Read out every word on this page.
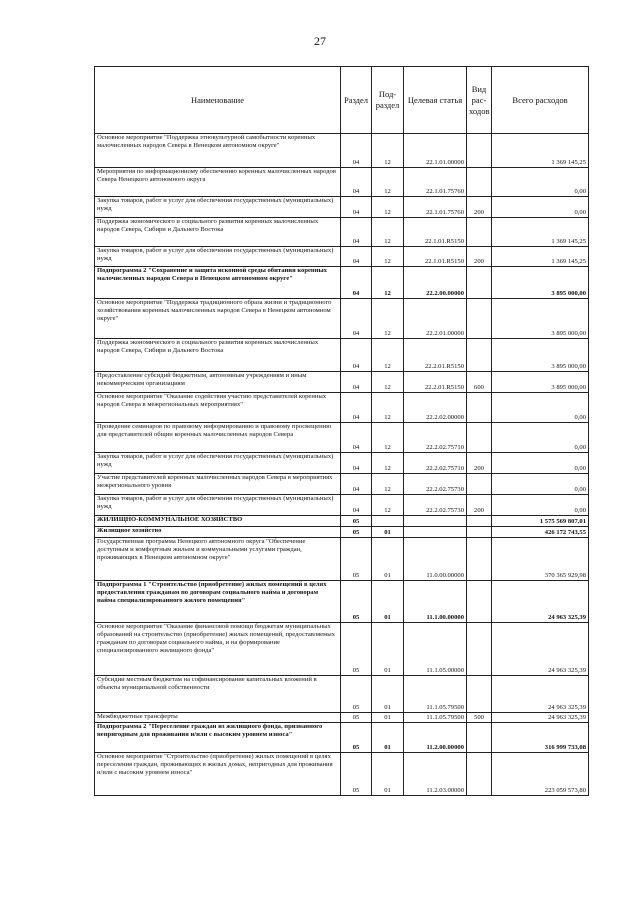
27
Наименование	Раздел	Под-раздел	Целевая статья	Вид рас-ходов	Всего расходов
Основное мероприятие "Поддержка этнокультурной самобытности коренных малочисленных народов Севера в Ненецком автономном округе"	04	12	22.1.01.00000		1 369 145,25
Мероприятия по информационному обеспечению коренных малочисленных народов Севера Ненецкого автономного округа	04	12	22.1.01.75760		0,00
Закупка товаров, работ и услуг для обеспечения государственных (муниципальных) нужд	04	12	22.1.01.75760	200	0,00
Поддержка экономического и социального развития коренных малочисленных народов Севера, Сибири и Дальнего Востока	04	12	22.1.01.R5150		1 369 145,25
Закупка товаров, работ и услуг для обеспечения государственных (муниципальных) нужд	04	12	22.1.01.R5150	200	1 369 145,25
Подпрограмма 2 "Сохранение и защита исконной среды обитания коренных малочисленных народов Севера в Ненецком автономном округе"	04	12	22.2.00.00000		3 895 000,00
Основное мероприятие "Поддержка традиционного образа жизни и традиционного хозяйствования коренных малочисленных народов Севера в Ненецком автономном округе"	04	12	22.2.01.00000		3 895 000,00
Поддержка экономического и социального развития коренных малочисленных народов Севера, Сибири и Дальнего Востока	04	12	22.2.01.R5150		3 895 000,00
Предоставление субсидий бюджетным, автономным учреждениям и иным некоммерческим организациям	04	12	22.2.01.R5150	600	3 895 000,00
Основное мероприятие "Оказание содействия участию представителей коренных народов Севера в межрегиональных мероприятиях"	04	12	22.2.02.00000		0,00
Проведение семинаров по правовому информированию и правовому просвещению для представителей общин коренных малочисленных народов Севера	04	12	22.2.02.75710		0,00
Закупка товаров, работ и услуг для обеспечения государственных (муниципальных) нужд	04	12	22.2.02.75710	200	0,00
Участие представителей коренных малочисленных народов Севера в мероприятиях межрегионального уровня	04	12	22.2.02.75730		0,00
Закупка товаров, работ и услуг для обеспечения государственных (муниципальных) нужд	04	12	22.2.02.75730	200	0,00
ЖИЛИЩНО-КОММУНАЛЬНОЕ ХОЗЯЙСТВО	05				1 575 569 807,01
Жилищное хозяйство	05	01			426 172 743,55
Государственная программа Ненецкого автономного округа "Обеспечение доступным и комфортным жильем и коммунальными услугами граждан, проживающих в Ненецком автономном округе"	05	01	11.0.00.00000		370 365 929,98
Подпрограмма 1 "Строительство (приобретение) жилых помещений в целях предоставления гражданам по договорам социального найма и договорам найма специализированного жилого помещения"	05	01	11.1.00.00000		24 963 325,39
Основное мероприятие "Оказание финансовой помощи бюджетам муниципальных образований на строительство (приобретение) жилых помещений, предоставляемых гражданам по договорам социального найма, и на формирование специализированного жилищного фонда"	05	01	11.1.05.00000		24 963 325,39
Субсидии местным бюджетам на софинансирование капитальных вложений в объекты муниципальной собственности	05	01	11.1.05.79500		24 963 325,39
Межбюджетные трансферты	05	01	11.1.05.79500	500	24 963 325,39
Подпрограмма 2 "Переселение граждан из жилищного фонда, признанного непригодным для проживания и/или с высоким уровнем износа"	05	01	11.2.00.00000		316 999 733,08
Основное мероприятие "Строительство (приобретение) жилых помещений в целях переселения граждан, проживающих в жилых домах, непригодных для проживания и/или с высоким уровнем износа"	05	01	11.2.03.00000		223 059 573,80
